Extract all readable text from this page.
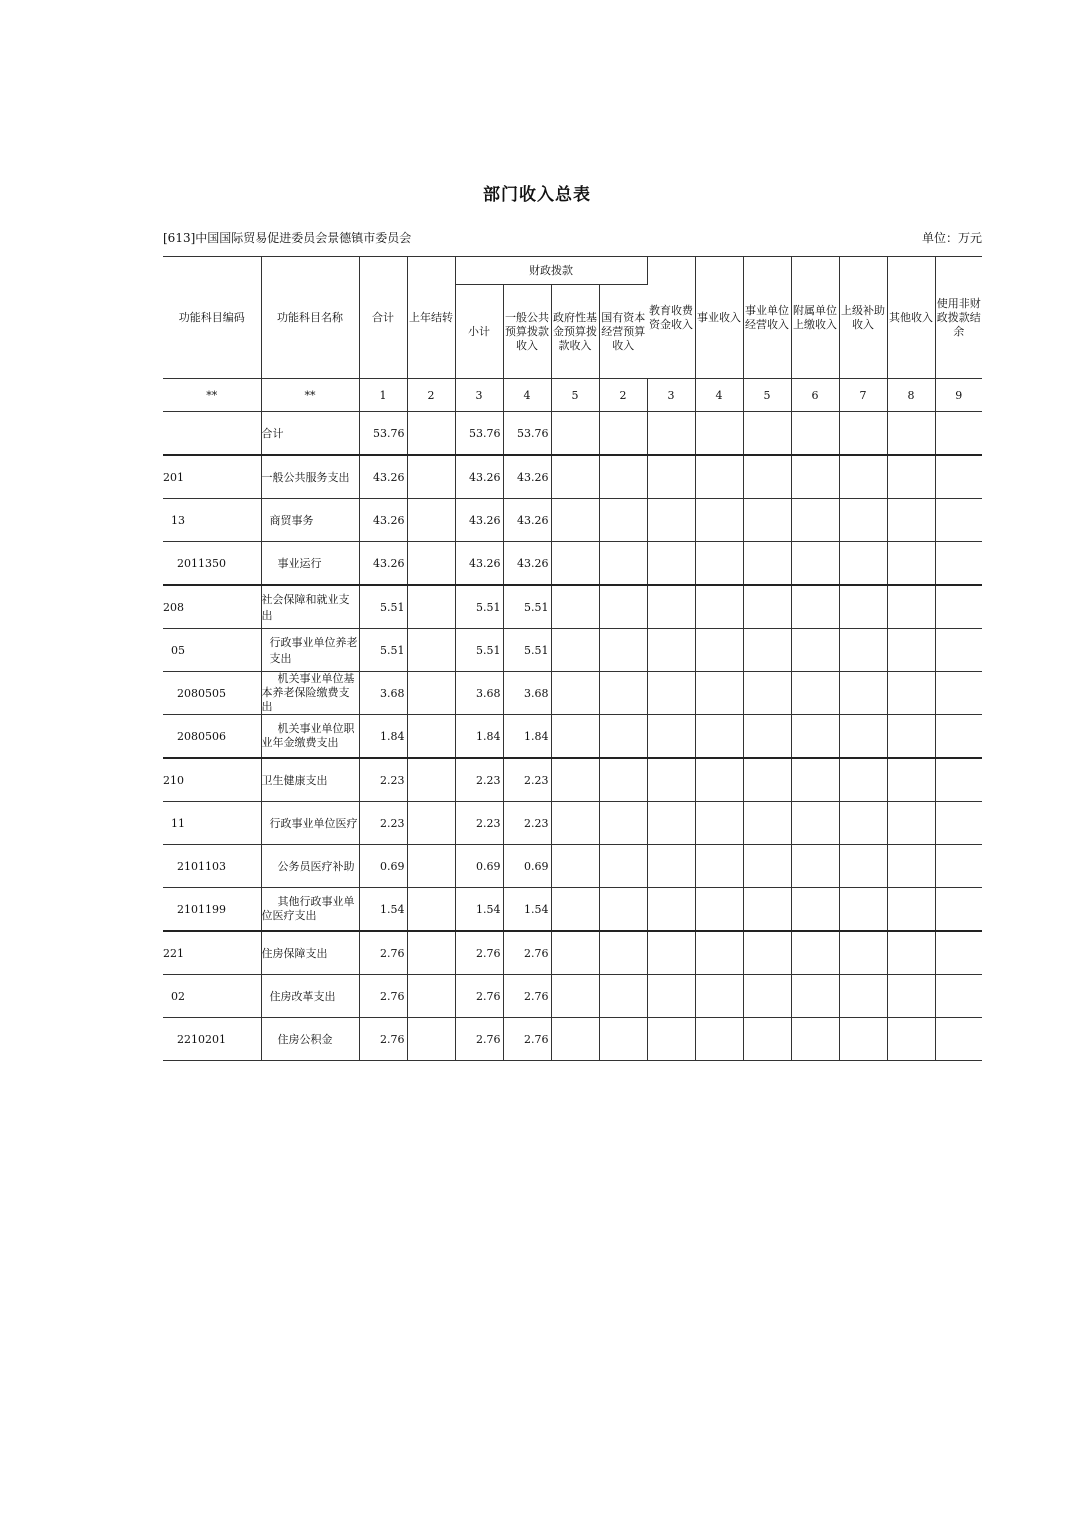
部门收入总表
[613]中国国际贸易促进委员会景德镇市委员会	单位：万元
功能科目编码	功能科目名称	合计	上年结转	财政拨款				教育收费资金收入	事业收入	事业单位经营收入	附属单位上缴收入	上级补助收入	其他收入	使用非财政拨款结余
				小计	一般公共预算拨款收入	政府性基金预算拨款收入	国有资本经营预算收入							
**	**	1	2	3	4	5	2	3	4	5	6	7	8	9
	合计	53.76		53.76	53.76									
201	一般公共服务支出	43.26		43.26	43.26									
13	商贸事务	43.26		43.26	43.26									
2011350	事业运行	43.26		43.26	43.26									
208	社会保障和就业支出	5.51		5.51	5.51									
05	行政事业单位养老支出	5.51		5.51	5.51									
2080505	机关事业单位基本养老保险缴费支出	3.68		3.68	3.68									
2080506	机关事业单位职业年金缴费支出	1.84		1.84	1.84									
210	卫生健康支出	2.23		2.23	2.23									
11	行政事业单位医疗	2.23		2.23	2.23									
2101103	公务员医疗补助	0.69		0.69	0.69									
2101199	其他行政事业单位医疗支出	1.54		1.54	1.54									
221	住房保障支出	2.76		2.76	2.76									
02	住房改革支出	2.76		2.76	2.76									
2210201	住房公积金	2.76		2.76	2.76									
